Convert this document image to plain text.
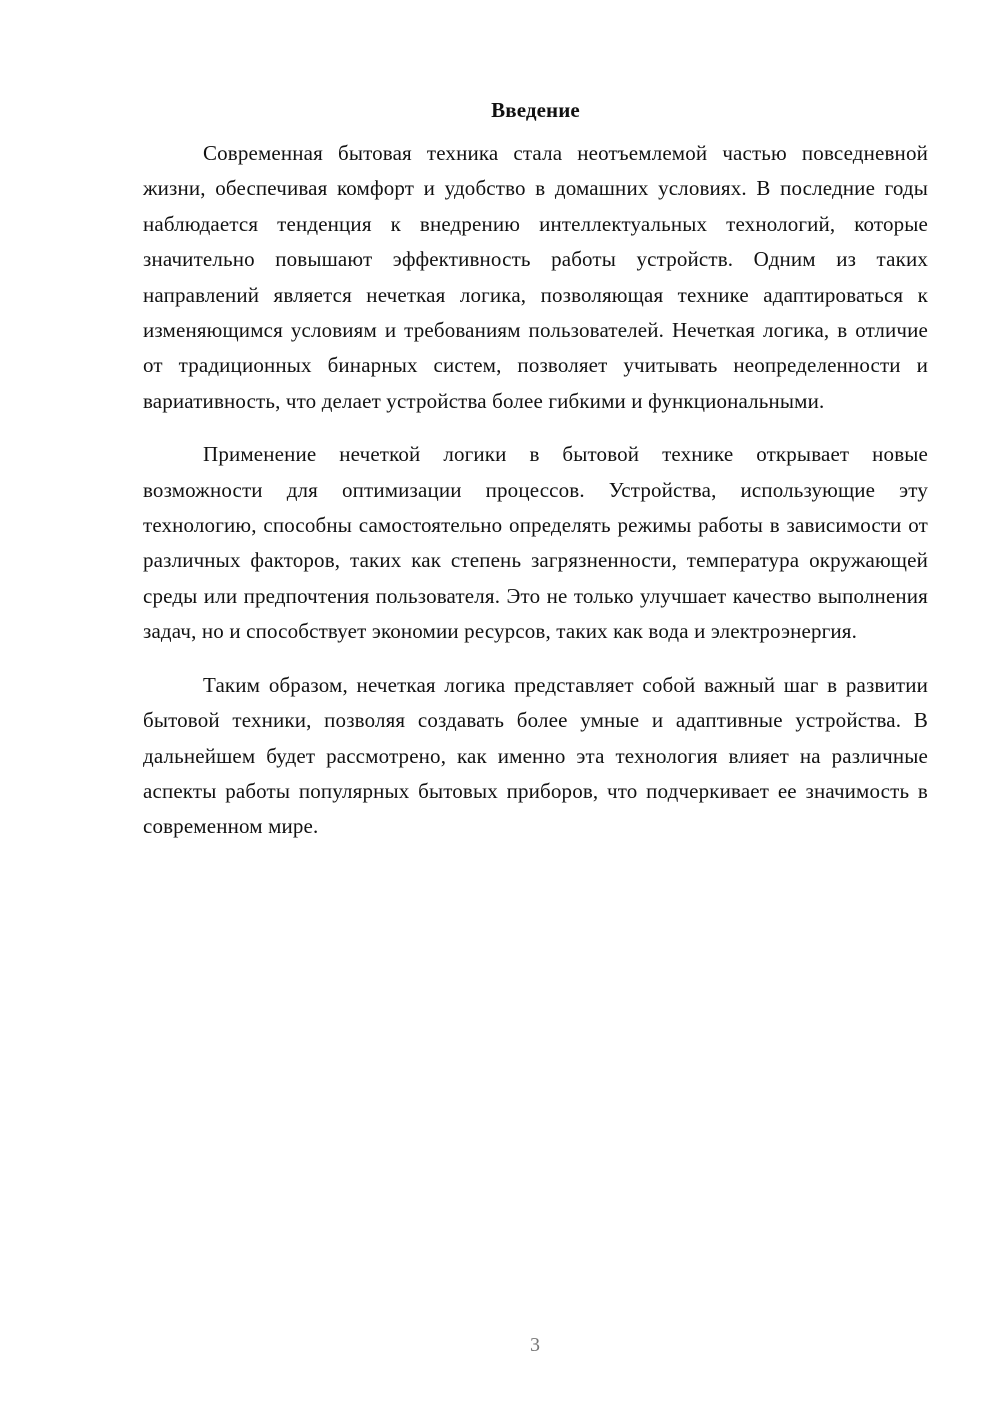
Введение

Современная бытовая техника стала неотъемлемой частью повседневной жизни, обеспечивая комфорт и удобство в домашних условиях. В последние годы наблюдается тенденция к внедрению интеллектуальных технологий, которые значительно повышают эффективность работы устройств. Одним из таких направлений является нечеткая логика, позволяющая технике адаптироваться к изменяющимся условиям и требованиям пользователей. Нечеткая логика, в отличие от традиционных бинарных систем, позволяет учитывать неопределенности и вариативность, что делает устройства более гибкими и функциональными.

Применение нечеткой логики в бытовой технике открывает новые возможности для оптимизации процессов. Устройства, использующие эту технологию, способны самостоятельно определять режимы работы в зависимости от различных факторов, таких как степень загрязненности, температура окружающей среды или предпочтения пользователя. Это не только улучшает качество выполнения задач, но и способствует экономии ресурсов, таких как вода и электроэнергия.

Таким образом, нечеткая логика представляет собой важный шаг в развитии бытовой техники, позволяя создавать более умные и адаптивные устройства. В дальнейшем будет рассмотрено, как именно эта технология влияет на различные аспекты работы популярных бытовых приборов, что подчеркивает ее значимость в современном мире.

3
